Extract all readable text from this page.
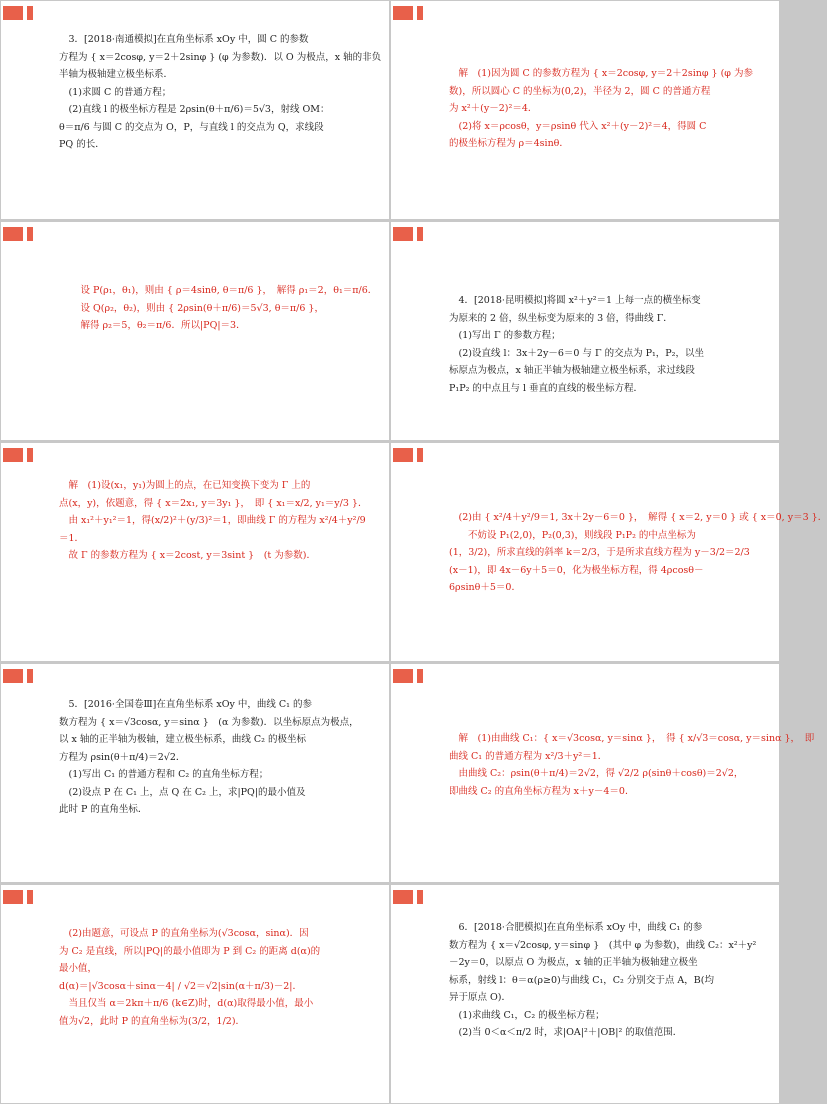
　3．[2018·南通模拟]在直角坐标系 xOy 中，圆 C 的参数

方程为 { x＝2cosφ, y＝2＋2sinφ } (φ 为参数)．以 O 为极点，x 轴的非负

半轴为极轴建立极坐标系．

　(1)求圆 C 的普通方程；

　(2)直线 l 的极坐标方程是 2ρsin(θ＋π/6)＝5√3，射线 OM：

θ＝π/6 与圆 C 的交点为 O，P，与直线 l 的交点为 Q，求线段

PQ 的长．

　解　(1)因为圆 C 的参数方程为 { x＝2cosφ, y＝2＋2sinφ } (φ 为参

数)，所以圆心 C 的坐标为(0,2)，半径为 2，圆 C 的普通方程

为 x²＋(y－2)²＝4．

　(2)将 x＝ρcosθ，y＝ρsinθ 代入 x²＋(y－2)²＝4，得圆 C

的极坐标方程为 ρ＝4sinθ．

　设 P(ρ₁，θ₁)，则由 { ρ＝4sinθ, θ＝π/6 }，　解得 ρ₁＝2，θ₁＝π/6．

　设 Q(ρ₂，θ₂)，则由 { 2ρsin(θ＋π/6)＝5√3, θ＝π/6 }，

　解得 ρ₂＝5，θ₂＝π/6．所以|PQ|＝3．

　4．[2018·昆明模拟]将圆 x²＋y²＝1 上每一点的横坐标变

为原来的 2 倍，纵坐标变为原来的 3 倍，得曲线 Γ．

　(1)写出 Γ 的参数方程；

　(2)设直线 l：3x＋2y－6＝0 与 Γ 的交点为 P₁，P₂，以坐

标原点为极点，x 轴正半轴为极轴建立极坐标系，求过线段

P₁P₂ 的中点且与 l 垂直的直线的极坐标方程．

　解　(1)设(x₁，y₁)为圆上的点，在已知变换下变为 Γ 上的

点(x，y)，依题意，得 { x＝2x₁, y＝3y₁ }，　即 { x₁＝x/2, y₁＝y/3 }．

　由 x₁²＋y₁²＝1，得(x/2)²＋(y/3)²＝1，即曲线 Γ 的方程为 x²/4＋y²/9

＝1．

　故 Γ 的参数方程为 { x＝2cost, y＝3sint }　(t 为参数)．

　(2)由 { x²/4＋y²/9＝1, 3x＋2y－6＝0 }，　解得 { x＝2, y＝0 } 或 { x＝0, y＝3 }．

　　不妨设 P₁(2,0)，P₂(0,3)，则线段 P₁P₂ 的中点坐标为

(1，3/2)，所求直线的斜率 k＝2/3，于是所求直线方程为 y－3/2＝2/3

(x－1)，即 4x－6y＋5＝0，化为极坐标方程，得 4ρcosθ－

6ρsinθ＋5＝0．

　5．[2016·全国卷Ⅲ]在直角坐标系 xOy 中，曲线 C₁ 的参

数方程为 { x＝√3cosα, y＝sinα }　(α 为参数)．以坐标原点为极点，

以 x 轴的正半轴为极轴，建立极坐标系，曲线 C₂ 的极坐标

方程为 ρsin(θ＋π/4)＝2√2．

　(1)写出 C₁ 的普通方程和 C₂ 的直角坐标方程；

　(2)设点 P 在 C₁ 上，点 Q 在 C₂ 上，求|PQ|的最小值及

此时 P 的直角坐标．

　解　(1)由曲线 C₁：{ x＝√3cosα, y＝sinα }，　得 { x/√3＝cosα, y＝sinα }，　即

曲线 C₁ 的普通方程为 x²/3＋y²＝1．

　由曲线 C₂：ρsin(θ＋π/4)＝2√2，得 √2/2 ρ(sinθ＋cosθ)＝2√2，

即曲线 C₂ 的直角坐标方程为 x＋y－4＝0．

　(2)由题意，可设点 P 的直角坐标为(√3cosα，sinα)．因

为 C₂ 是直线，所以|PQ|的最小值即为 P 到 C₂ 的距离 d(α)的

最小值，

d(α)＝|√3cosα＋sinα－4| / √2＝√2|sin(α＋π/3)－2|．

　当且仅当 α＝2kπ＋π/6 (k∈Z)时，d(α)取得最小值，最小

值为√2，此时 P 的直角坐标为(3/2，1/2)．

　6．[2018·合肥模拟]在直角坐标系 xOy 中，曲线 C₁ 的参

数方程为 { x＝√2cosφ, y＝sinφ }　(其中 φ 为参数)，曲线 C₂：x²＋y²

－2y＝0，以原点 O 为极点，x 轴的正半轴为极轴建立极坐

标系，射线 l：θ＝α(ρ≥0)与曲线 C₁，C₂ 分别交于点 A，B(均

异于原点 O)．

　(1)求曲线 C₁，C₂ 的极坐标方程；

　(2)当 0＜α＜π/2 时，求|OA|²＋|OB|² 的取值范围．
